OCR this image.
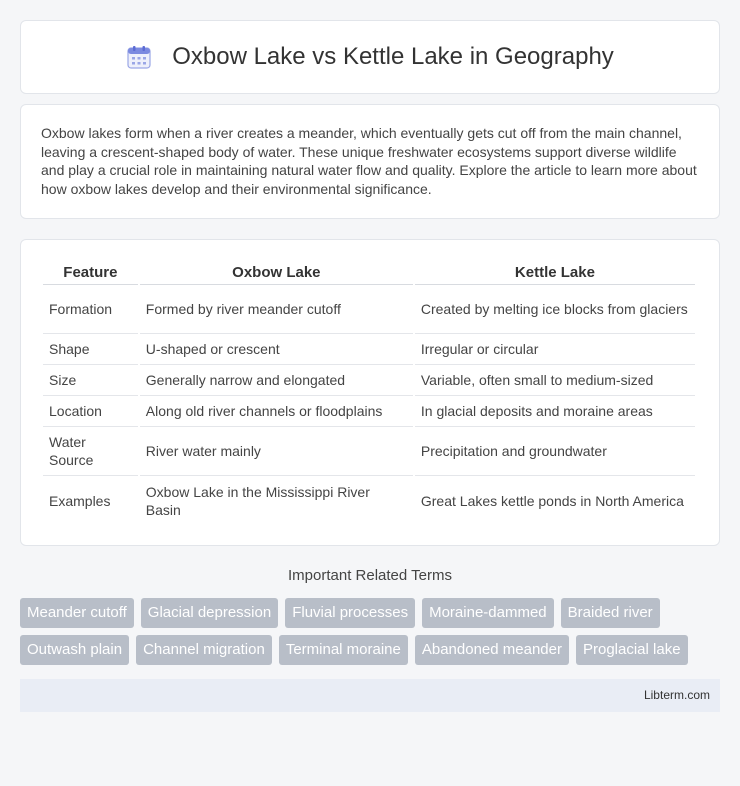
Oxbow Lake vs Kettle Lake in Geography

Oxbow lakes form when a river creates a meander, which eventually gets cut off from the main channel, leaving a crescent-shaped body of water. These unique freshwater ecosystems support diverse wildlife and play a crucial role in maintaining natural water flow and quality. Explore the article to learn more about how oxbow lakes develop and their environmental significance.

Feature	Oxbow Lake	Kettle Lake
Formation	Formed by river meander cutoff	Created by melting ice blocks from glaciers
Shape	U-shaped or crescent	Irregular or circular
Size	Generally narrow and elongated	Variable, often small to medium-sized
Location	Along old river channels or floodplains	In glacial deposits and moraine areas
Water Source	River water mainly	Precipitation and groundwater
Examples	Oxbow Lake in the Mississippi River Basin	Great Lakes kettle ponds in North America
Important Related Terms
Meander cutoff	Glacial depression	Fluvial processes	Moraine-dammed	Braided river
Outwash plain	Channel migration	Terminal moraine	Abandoned meander	Proglacial lake
Libterm.com
